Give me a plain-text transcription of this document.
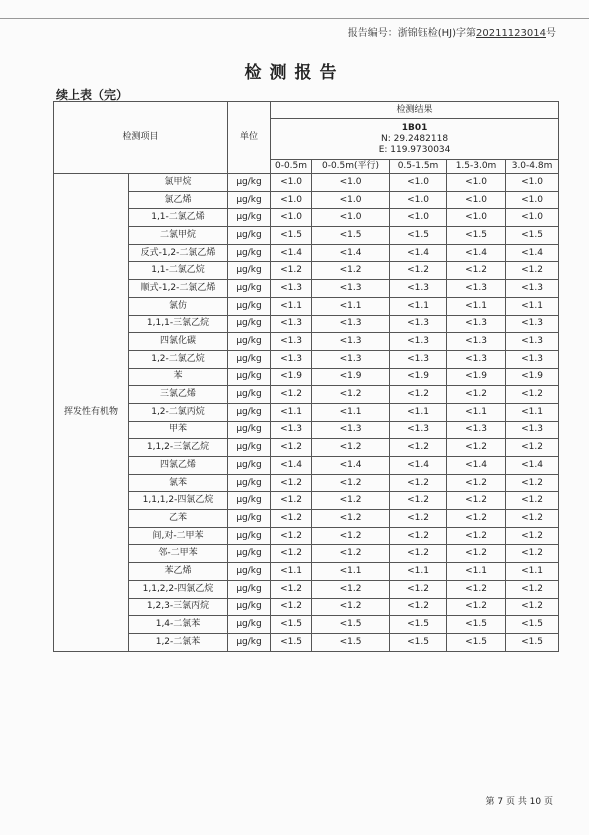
报告编号：浙锦钰检(HJ)字第20211123014号
检测报告
续上表（完）
检测项目		单位	检测结果				

			1B01
N: 29.2482118
E: 119.9730034				

			0-0.5m	0-0.5m(平行)	0.5-1.5m	1.5-3.0m	3.0-4.8m
挥发性有机物	氯甲烷	μg/kg	<1.0	<1.0	<1.0	<1.0	<1.0
	氯乙烯	μg/kg	<1.0	<1.0	<1.0	<1.0	<1.0
	1,1-二氯乙烯	μg/kg	<1.0	<1.0	<1.0	<1.0	<1.0
	二氯甲烷	μg/kg	<1.5	<1.5	<1.5	<1.5	<1.5
	反式-1,2-二氯乙烯	μg/kg	<1.4	<1.4	<1.4	<1.4	<1.4
	1,1-二氯乙烷	μg/kg	<1.2	<1.2	<1.2	<1.2	<1.2
	顺式-1,2-二氯乙烯	μg/kg	<1.3	<1.3	<1.3	<1.3	<1.3
	氯仿	μg/kg	<1.1	<1.1	<1.1	<1.1	<1.1
	1,1,1-三氯乙烷	μg/kg	<1.3	<1.3	<1.3	<1.3	<1.3
	四氯化碳	μg/kg	<1.3	<1.3	<1.3	<1.3	<1.3
	1,2-二氯乙烷	μg/kg	<1.3	<1.3	<1.3	<1.3	<1.3
	苯	μg/kg	<1.9	<1.9	<1.9	<1.9	<1.9
	三氯乙烯	μg/kg	<1.2	<1.2	<1.2	<1.2	<1.2
	1,2-二氯丙烷	μg/kg	<1.1	<1.1	<1.1	<1.1	<1.1
	甲苯	μg/kg	<1.3	<1.3	<1.3	<1.3	<1.3
	1,1,2-三氯乙烷	μg/kg	<1.2	<1.2	<1.2	<1.2	<1.2
	四氯乙烯	μg/kg	<1.4	<1.4	<1.4	<1.4	<1.4
	氯苯	μg/kg	<1.2	<1.2	<1.2	<1.2	<1.2
	1,1,1,2-四氯乙烷	μg/kg	<1.2	<1.2	<1.2	<1.2	<1.2
	乙苯	μg/kg	<1.2	<1.2	<1.2	<1.2	<1.2
	间,对-二甲苯	μg/kg	<1.2	<1.2	<1.2	<1.2	<1.2
	邻-二甲苯	μg/kg	<1.2	<1.2	<1.2	<1.2	<1.2
	苯乙烯	μg/kg	<1.1	<1.1	<1.1	<1.1	<1.1
	1,1,2,2-四氯乙烷	μg/kg	<1.2	<1.2	<1.2	<1.2	<1.2
	1,2,3-三氯丙烷	μg/kg	<1.2	<1.2	<1.2	<1.2	<1.2
	1,4-二氯苯	μg/kg	<1.5	<1.5	<1.5	<1.5	<1.5
	1,2-二氯苯	μg/kg	<1.5	<1.5	<1.5	<1.5	<1.5
第 7 页 共 10 页
